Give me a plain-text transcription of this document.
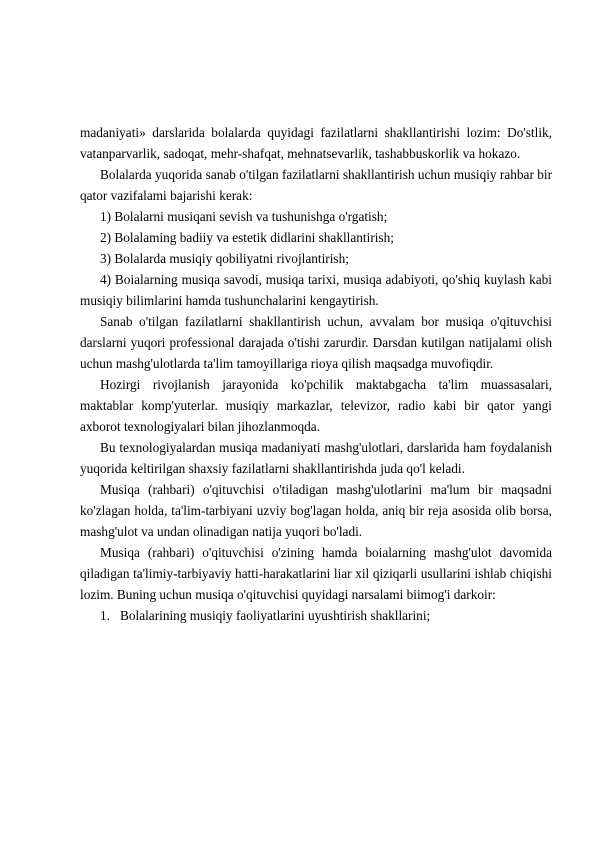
madaniyati» darslarida bolalarda quyidagi fazilatlarni shakllantirishi lozim: Do'stlik, vatanparvarlik, sadoqat, mehr-shafqat, mehnatsevarlik, tashabbuskorlik va hokazo.

Bolalarda yuqorida sanab o'tilgan fazilatlarni shakllantirish uchun musiqiy rahbar bir qator vazifalami bajarishi kerak:

1) Bolalarni musiqani sevish va tushunishga o'rgatish;

2) Bolalaming badiiy va estetik didlarini shakllantirish;

3) Bolalarda musiqiy qobiliyatni rivojlantirish;

4) Boialarning musiqa savodi, musiqa tarixi, musiqa adabiyoti, qo'shiq kuylash kabi musiqiy bilimlarini hamda tushunchalarini kengaytirish.

Sanab o'tilgan fazilatlarni shakllantirish uchun, avvalam bor musiqa o'qituvchisi darslarni yuqori professional darajada o'tishi zarurdir. Darsdan kutilgan natijalami olish uchun mashg'ulotlarda ta'lim tamoyillariga rioya qilish maqsadga muvofiqdir.

Hozirgi rivojlanish jarayonida ko'pchilik maktabgacha ta'lim muassasalari, maktablar komp'yuterlar. musiqiy markazlar, televizor, radio kabi bir qator yangi axborot texnologiyalari bilan jihozlanmoqda.

Bu texnologiyalardan musiqa madaniyati mashg'ulotlari, darslarida ham foydalanish yuqorida keltirilgan shaxsiy fazilatlarni shakllantirishda juda qo'l keladi.

Musiqa (rahbari) o'qituvchisi o'tiladigan mashg'ulotlarini ma'lum bir maqsadni ko'zlagan holda, ta'lim-tarbiyani uzviy bog'lagan holda, aniq bir reja asosida olib borsa, mashg'ulot va undan olinadigan natija yuqori bo'ladi.

Musiqa (rahbari) o'qituvchisi o'zining hamda boialarning mashg'ulot davomida qiladigan ta'limiy-tarbiyaviy hatti-harakatlarini liar xil qiziqarli usullarini ishlab chiqishi lozim. Buning uchun musiqa o'qituvchisi quyidagi narsalami biimog'i darkoir:

1. Bolalarining musiqiy faoliyatlarini uyushtirish shakllarini;
